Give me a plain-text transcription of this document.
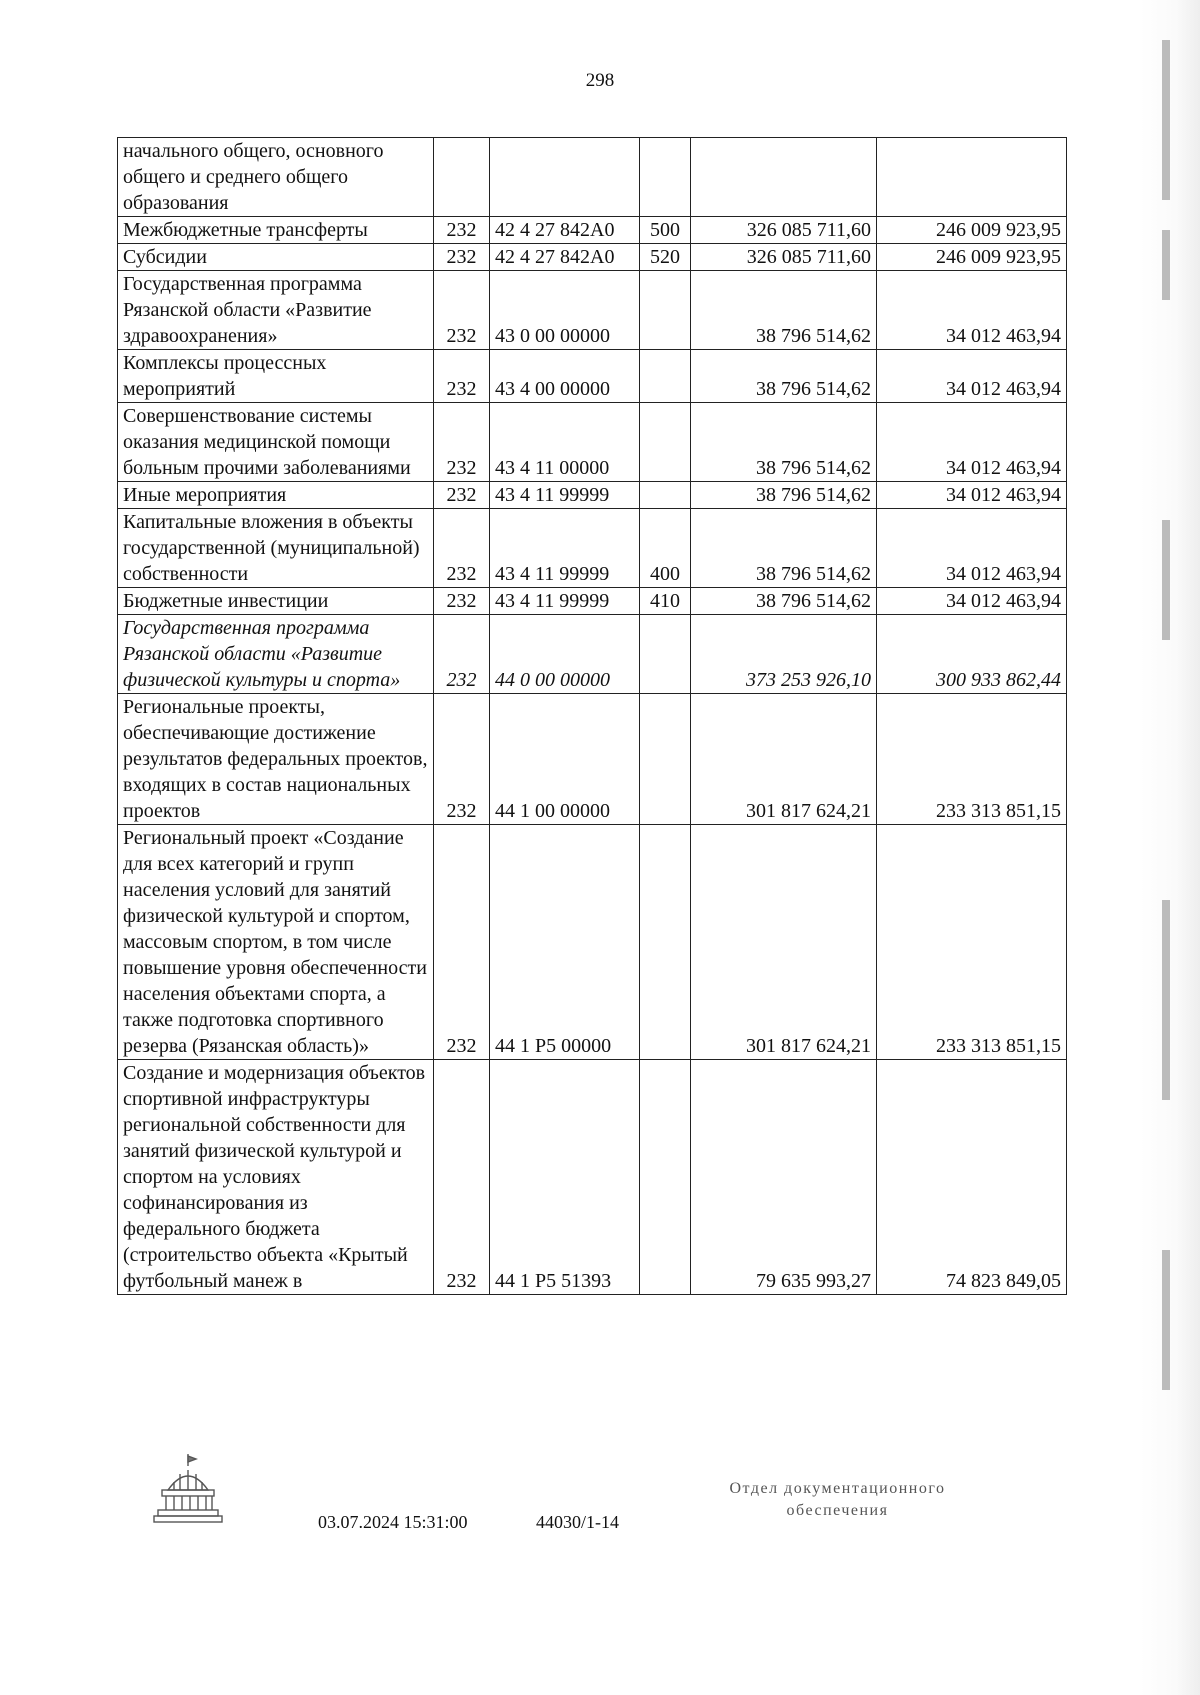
298
начального общего, основного общего и среднего общего образования					
Межбюджетные трансферты	232	42 4 27 842А0	500	326 085 711,60	246 009 923,95
Субсидии	232	42 4 27 842А0	520	326 085 711,60	246 009 923,95
Государственная программа Рязанской области «Развитие здравоохранения»	232	43 0 00 00000		38 796 514,62	34 012 463,94
Комплексы процессных мероприятий	232	43 4 00 00000		38 796 514,62	34 012 463,94
Совершенствование системы оказания медицинской помощи больным прочими заболеваниями	232	43 4 11 00000		38 796 514,62	34 012 463,94
Иные мероприятия	232	43 4 11 99999		38 796 514,62	34 012 463,94
Капитальные вложения в объекты государственной (муниципальной) собственности	232	43 4 11 99999	400	38 796 514,62	34 012 463,94
Бюджетные инвестиции	232	43 4 11 99999	410	38 796 514,62	34 012 463,94
Государственная программа Рязанской области «Развитие физической культуры и спорта»	232	44 0 00 00000		373 253 926,10	300 933 862,44
Региональные проекты, обеспечивающие достижение результатов федеральных проектов, входящих в состав национальных проектов	232	44 1 00 00000		301 817 624,21	233 313 851,15
Региональный проект «Создание для всех категорий и групп населения условий для занятий физической культурой и спортом, массовым спортом, в том числе повышение уровня обеспеченности населения объектами спорта, а также подготовка спортивного резерва (Рязанская область)»	232	44 1 Р5 00000		301 817 624,21	233 313 851,15
Создание и модернизация объектов спортивной инфраструктуры региональной собственности для занятий физической культурой и спортом на условиях софинансирования из федерального бюджета (строительство объекта «Крытый футбольный манеж в	232	44 1 Р5 51393		79 635 993,27	74 823 849,05
03.07.2024 15:31:00	44030/1-14
Отдел документационного
обеспечения
